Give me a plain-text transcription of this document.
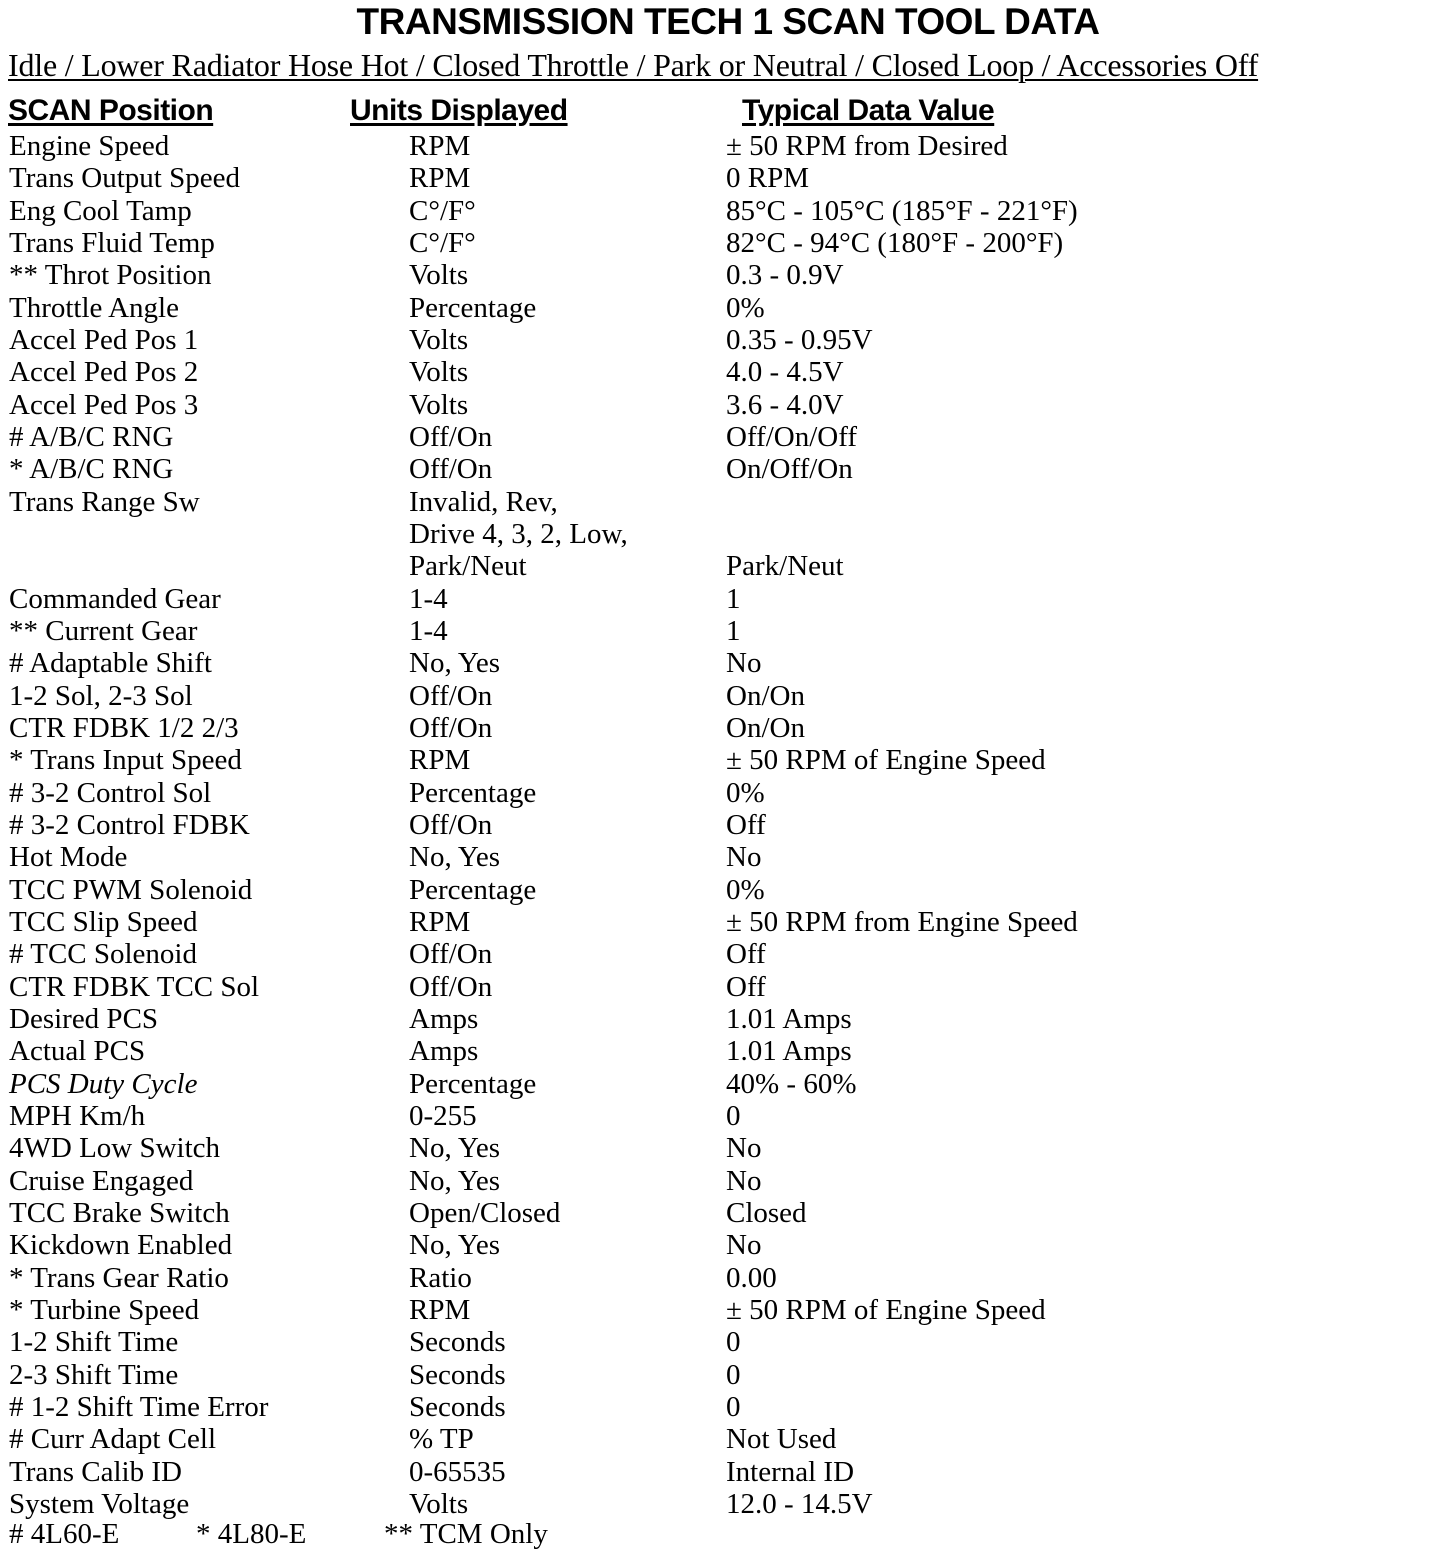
TRANSMISSION TECH 1 SCAN TOOL DATA
Idle / Lower Radiator Hose Hot / Closed Throttle / Park or Neutral / Closed Loop / Accessories Off
SCAN Position	Units Displayed	Typical Data Value
Engine Speed	RPM	± 50 RPM from Desired
Trans Output Speed	RPM	0 RPM
Eng Cool Tamp	C°/F°	85°C - 105°C (185°F - 221°F)
Trans Fluid Temp	C°/F°	82°C - 94°C (180°F - 200°F)
** Throt Position	Volts	0.3 - 0.9V
Throttle Angle	Percentage	0%
Accel Ped Pos 1	Volts	0.35 - 0.95V
Accel Ped Pos 2	Volts	4.0 - 4.5V
Accel Ped Pos 3	Volts	3.6 - 4.0V
# A/B/C RNG	Off/On	Off/On/Off
* A/B/C RNG	Off/On	On/Off/On
Trans Range Sw	Invalid, Rev,
Drive 4, 3, 2, Low,
Park/Neut	Park/Neut
Commanded Gear	1-4	1
** Current Gear	1-4	1
# Adaptable Shift	No, Yes	No
1-2 Sol, 2-3 Sol	Off/On	On/On
CTR FDBK 1/2 2/3	Off/On	On/On
* Trans Input Speed	RPM	± 50 RPM of Engine Speed
# 3-2 Control Sol	Percentage	0%
# 3-2 Control FDBK	Off/On	Off
Hot Mode	No, Yes	No
TCC PWM Solenoid	Percentage	0%
TCC Slip Speed	RPM	± 50 RPM from Engine Speed
# TCC Solenoid	Off/On	Off
CTR FDBK TCC Sol	Off/On	Off
Desired PCS	Amps	1.01 Amps
Actual PCS	Amps	1.01 Amps
PCS Duty Cycle	Percentage	40% - 60%
MPH Km/h	0-255	0
4WD Low Switch	No, Yes	No
Cruise Engaged	No, Yes	No
TCC Brake Switch	Open/Closed	Closed
Kickdown Enabled	No, Yes	No
* Trans Gear Ratio	Ratio	0.00
* Turbine Speed	RPM	± 50 RPM of Engine Speed
1-2 Shift Time	Seconds	0
2-3 Shift Time	Seconds	0
# 1-2 Shift Time Error	Seconds	0
# Curr Adapt Cell	% TP	Not Used
Trans Calib ID	0-65535	Internal ID
System Voltage	Volts	12.0 - 14.5V
# 4L60-E	* 4L80-E	** TCM Only
